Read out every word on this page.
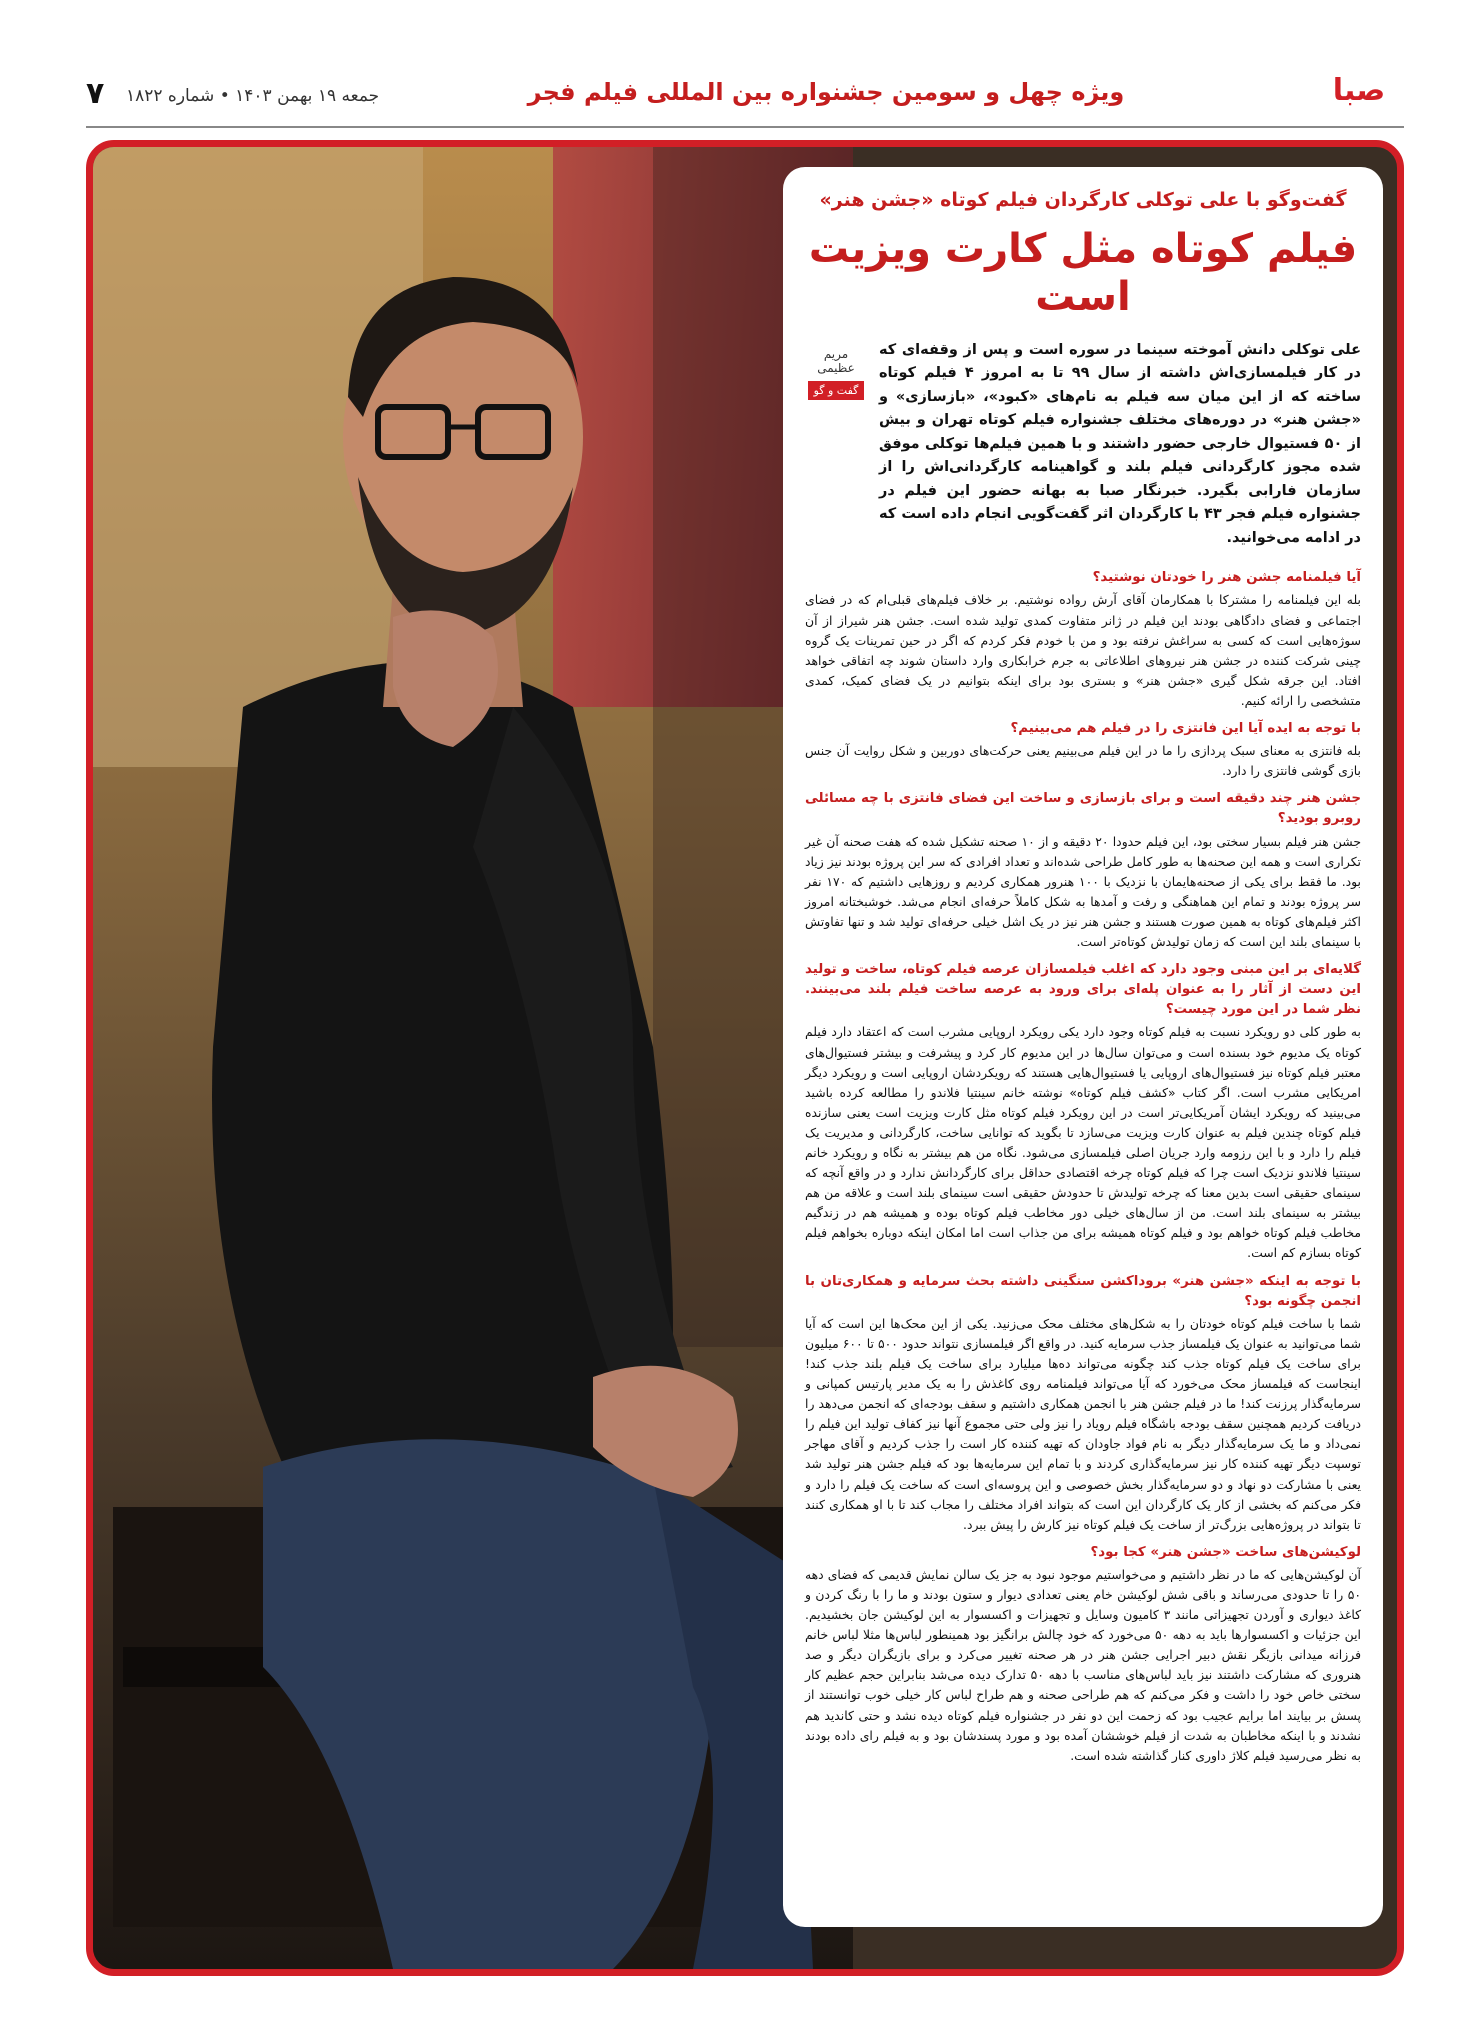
۷ جمعه ۱۹ بهمن ۱۴۰۳ • شماره ۱۸۲۲	ویژه چهل و سومین جشنواره بین المللی فیلم فجر	صبا
گفت‌وگو با علی توکلی کارگردان فیلم کوتاه «جشن هنر»
فیلم کوتاه مثل کارت ویزیت است

علی توکلی دانش آموخته سینما در سوره است و پس از وقفه‌ای که در کار فیلمسازی‌اش داشته از سال ۹۹ تا به امروز ۴ فیلم کوتاه ساخته که از این میان سه فیلم به نام‌های «کبود»، «بازسازی» و «جشن هنر» در دوره‌های مختلف جشنواره فیلم کوتاه تهران و بیش از ۵۰ فستیوال خارجی حضور داشتند و با همین فیلم‌ها توکلی موفق شده مجوز کارگردانی فیلم بلند و گواهینامه کارگردانی‌اش را از سازمان فارابی بگیرد. خبرنگار صبا به بهانه حضور این فیلم در جشنواره فیلم فجر ۴۳ با کارگردان اثر گفت‌گویی انجام داده است که در ادامه می‌خوانید.

مریم عظیمی
گفت و گو
آیا فیلمنامه جشن هنر را خودتان نوشتید؟

بله این فیلمنامه را مشترکا با همکارمان آقای آرش رواده نوشتیم. بر خلاف فیلم‌های قبلی‌ام که در فضای اجتماعی و فضای دادگاهی بودند این فیلم در ژانر متفاوت کمدی تولید شده است. جشن هنر شیراز از آن سوژه‌هایی است که کسی به سراغش نرفته بود و من با خودم فکر کردم که اگر در حین تمرینات یک گروه چینی شرکت کننده در جشن هنر نیروهای اطلاعاتی به جرم خرابکاری وارد داستان شوند چه اتفاقی خواهد افتاد. این جرقه شکل گیری «جشن هنر» و بستری بود برای اینکه بتوانیم در یک فضای کمیک، کمدی متشخصی را ارائه کنیم.

با توجه به ایده آیا این فانتزی را در فیلم هم می‌بینیم؟

بله فانتزی به معنای سبک پردازی را ما در این فیلم می‌بینیم یعنی حرکت‌های دوربین و شکل روایت آن جنس بازی گوشی فانتزی را دارد.

جشن هنر چند دقیقه است و برای بازسازی و ساخت این فضای فانتزی با چه مسائلی روبرو بودید؟

جشن هنر فیلم بسیار سختی بود، این فیلم حدودا ۲۰ دقیقه و از ۱۰ صحنه تشکیل شده که هفت صحنه آن غیر تکراری است و همه این صحنه‌ها به طور کامل طراحی شده‌اند و تعداد افرادی که سر این پروژه بودند نیز زیاد بود. ما فقط برای یکی از صحنه‌هایمان با نزدیک با ۱۰۰ هنرور همکاری کردیم و روزهایی داشتیم که ۱۷۰ نفر سر پروژه بودند و تمام این هماهنگی و رفت و آمدها به شکل کاملاً حرفه‌ای انجام می‌شد. خوشبختانه امروز اکثر فیلم‌های کوتاه به همین صورت هستند و جشن هنر نیز در یک اشل خیلی حرفه‌ای تولید شد و تنها تفاوتش با سینمای بلند این است که زمان تولیدش کوتاه‌تر است.

گلایه‌ای بر این مبنی وجود دارد که اغلب فیلمسازان عرصه فیلم کوتاه، ساخت و تولید این دست از آثار را به عنوان پله‌ای برای ورود به عرصه ساخت فیلم بلند می‌بینند. نظر شما در این مورد چیست؟

به طور کلی دو رویکرد نسبت به فیلم کوتاه وجود دارد یکی رویکرد اروپایی مشرب است که اعتقاد دارد فیلم کوتاه یک مدیوم خود بسنده است و می‌توان سال‌ها در این مدیوم کار کرد و پیشرفت و بیشتر فستیوال‌های معتبر فیلم کوتاه نیز فستیوال‌های اروپایی یا فستیوال‌هایی هستند که رویکردشان اروپایی است و رویکرد دیگر امریکایی مشرب است. اگر کتاب «کشف فیلم کوتاه» نوشته خانم سینتیا فلاندو را مطالعه کرده باشید می‌بینید که رویکرد ایشان آمریکایی‌تر است در این رویکرد فیلم کوتاه مثل کارت ویزیت است یعنی سازنده فیلم کوتاه چندین فیلم به عنوان کارت ویزیت می‌سازد تا بگوید که توانایی ساخت، کارگردانی و مدیریت یک فیلم را دارد و با این رزومه وارد جریان اصلی فیلمسازی می‌شود. نگاه من هم بیشتر به نگاه و رویکرد خانم سینتیا فلاندو نزدیک است چرا که فیلم کوتاه چرخه اقتصادی حداقل برای کارگردانش ندارد و در واقع آنچه که سینمای حقیقی است بدین معنا که چرخه تولیدش تا حدودش حقیقی است سینمای بلند است و علاقه من هم بیشتر به سینمای بلند است. من از سال‌های خیلی دور مخاطب فیلم کوتاه بوده و همیشه هم در زندگیم مخاطب فیلم کوتاه خواهم بود و فیلم کوتاه همیشه برای من جذاب است اما امکان اینکه دوباره بخواهم فیلم کوتاه بسازم کم است.

با توجه به اینکه «جشن هنر» برو‌داکشن سنگینی داشته بحث سرمایه و همکاری‌تان با انجمن چگونه بود؟

شما با ساخت فیلم کوتاه خودتان را به شکل‌های مختلف محک می‌زنید. یکی از این محک‌ها این است که آیا شما می‌توانید به عنوان یک فیلمساز جذب سرمایه کنید. در واقع اگر فیلمسازی نتواند حدود ۵۰۰ تا ۶۰۰ میلیون برای ساخت یک فیلم کوتاه جذب کند چگونه می‌تواند ده‌ها میلیارد برای ساخت یک فیلم بلند جذب کند! اینجاست که فیلمساز محک می‌خورد که آیا می‌تواند فیلمنامه روی کاغذش را به یک مدیر پارتیس کمپانی و سرمایه‌گذار پرزنت کند! ما در فیلم جشن هنر با انجمن همکاری داشتیم و سقف بودجه‌ای که انجمن می‌دهد را دریافت کردیم همچنین سقف بودجه باشگاه فیلم رویاد را نیز ولی حتی مجموع آنها نیز کفاف تولید این فیلم را نمی‌داد و ما یک سرمایه‌گذار دیگر به نام فواد جاودان که تهیه کننده کار است را جذب کردیم و آقای مهاجر توسپت دیگر تهیه کننده کار نیز سرمایه‌گذاری کردند و با تمام این سرمایه‌ها بود که فیلم جشن هنر تولید شد یعنی با مشارکت دو نهاد و دو سرمایه‌گذار بخش خصوصی و این پروسه‌ای است که ساخت یک فیلم را دارد و فکر می‌کنم که بخشی از کار یک کارگردان این است که بتواند افراد مختلف را مجاب کند تا با او همکاری کنند تا بتواند در پروژه‌هایی بزرگ‌تر از ساخت یک فیلم کوتاه نیز کارش را پیش ببرد.

لوکیشن‌های ساخت «جشن هنر» کجا بود؟

آن لوکیشن‌هایی که ما در نظر داشتیم و می‌خواستیم موجود نبود به جز یک سالن نمایش قدیمی که فضای دهه ۵۰ را تا حدودی می‌رساند و باقی شش لوکیشن خام یعنی تعدادی دیوار و ستون بودند و ما را با رنگ کردن و کاغذ دیواری و آوردن تجهیزاتی مانند ۳ کامیون وسایل و تجهیزات و اکسسوار به این لوکیشن جان بخشیدیم. این جزئیات و اکسسوارها باید به دهه ۵۰ می‌خورد که خود چالش برانگیز بود همینطور لباس‌ها مثلا لباس خانم فرزانه میدانی بازیگر نقش دبیر اجرایی جشن هنر در هر صحنه تغییر می‌کرد و برای بازیگران دیگر و صد هنروری که مشارکت داشتند نیز باید لباس‌های مناسب با دهه ۵۰ تدارک دیده می‌شد بنابراین حجم عظیم کار سختی خاص خود را داشت و فکر می‌کنم که هم طراحی صحنه و هم طراح لباس کار خیلی خوب توانستند از پسش بر بیایند اما برایم عجیب بود که زحمت این دو نفر در جشنواره فیلم کوتاه دیده نشد و حتی کاندید هم نشدند و با اینکه مخاطبان به شدت از فیلم خوششان آمده بود و مورد پسندشان بود و به فیلم رای داده بودند به نظر می‌رسید فیلم کلاژ داوری کنار گذاشته شده است.
